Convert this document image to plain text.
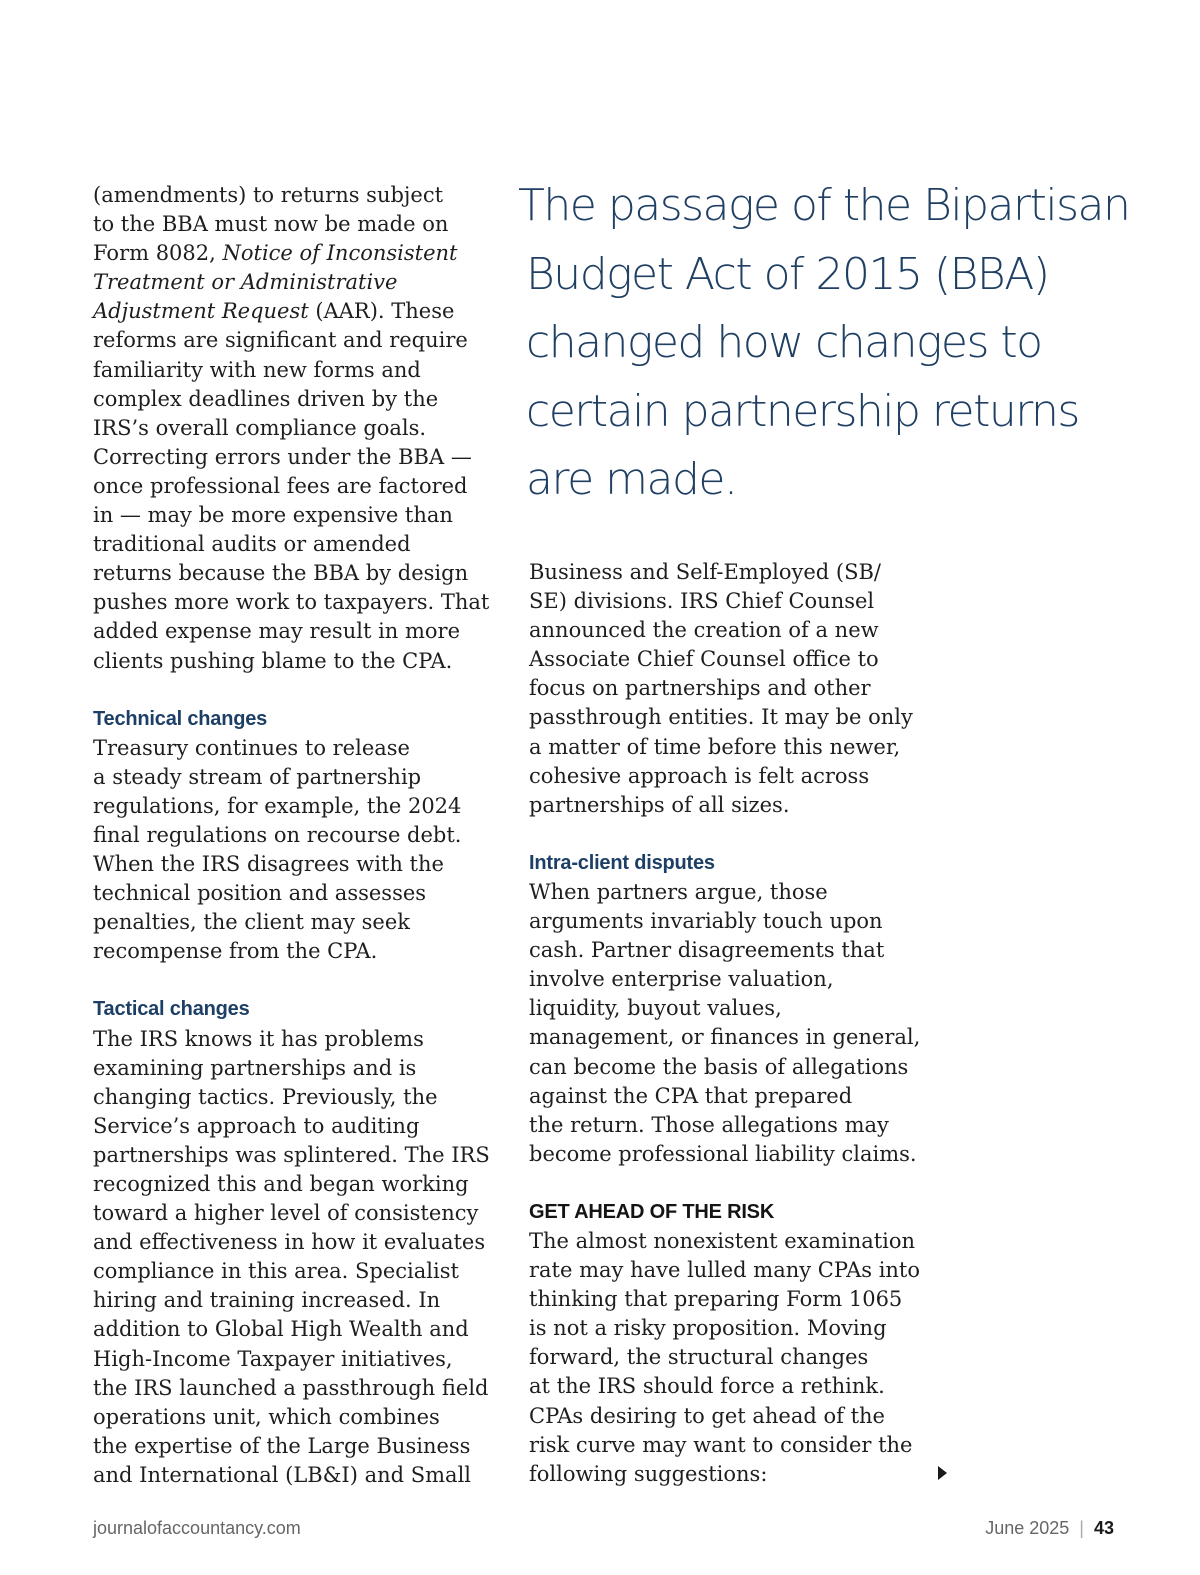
The passage of the Bipartisan
Budget Act of 2015 (BBA)
changed how changes to
certain partnership returns
are made.

(amendments) to returns subject

to the BBA must now be made on

Form 8082, Notice of Inconsistent

Treatment or Administrative

Adjustment Request (AAR). These

reforms are significant and require

familiarity with new forms and

complex deadlines driven by the

IRS’s overall compliance goals.

Correcting errors under the BBA —

once professional fees are factored

in — may be more expensive than

traditional audits or amended

returns because the BBA by design

pushes more work to taxpayers. That

added expense may result in more

clients pushing blame to the CPA.

Technical changes

Treasury continues to release

a steady stream of partnership

regulations, for example, the 2024

final regulations on recourse debt.

When the IRS disagrees with the

technical position and assesses

penalties, the client may seek

recompense from the CPA.

Tactical changes

The IRS knows it has problems

examining partnerships and is

changing tactics. Previously, the

Service’s approach to auditing

partnerships was splintered. The IRS

recognized this and began working

toward a higher level of consistency

and effectiveness in how it evaluates

compliance in this area. Specialist

hiring and training increased. In

addition to Global High Wealth and

High-Income Taxpayer initiatives,

the IRS launched a passthrough field

operations unit, which combines

the expertise of the Large Business

and International (LB&I) and Small

Business and Self-Employed (SB/

SE) divisions. IRS Chief Counsel

announced the creation of a new

Associate Chief Counsel office to

focus on partnerships and other

passthrough entities. It may be only

a matter of time before this newer,

cohesive approach is felt across

partnerships of all sizes.

Intra-client disputes

When partners argue, those

arguments invariably touch upon

cash. Partner disagreements that

involve enterprise valuation,

liquidity, buyout values,

management, or finances in general,

can become the basis of allegations

against the CPA that prepared

the return. Those allegations may

become professional liability claims.

GET AHEAD OF THE RISK

The almost nonexistent examination

rate may have lulled many CPAs into

thinking that preparing Form 1065

is not a risky proposition. Moving

forward, the structural changes

at the IRS should force a rethink.

CPAs desiring to get ahead of the

risk curve may want to consider the

following suggestions:

journalofaccountancy.com	June 2025 | 43
